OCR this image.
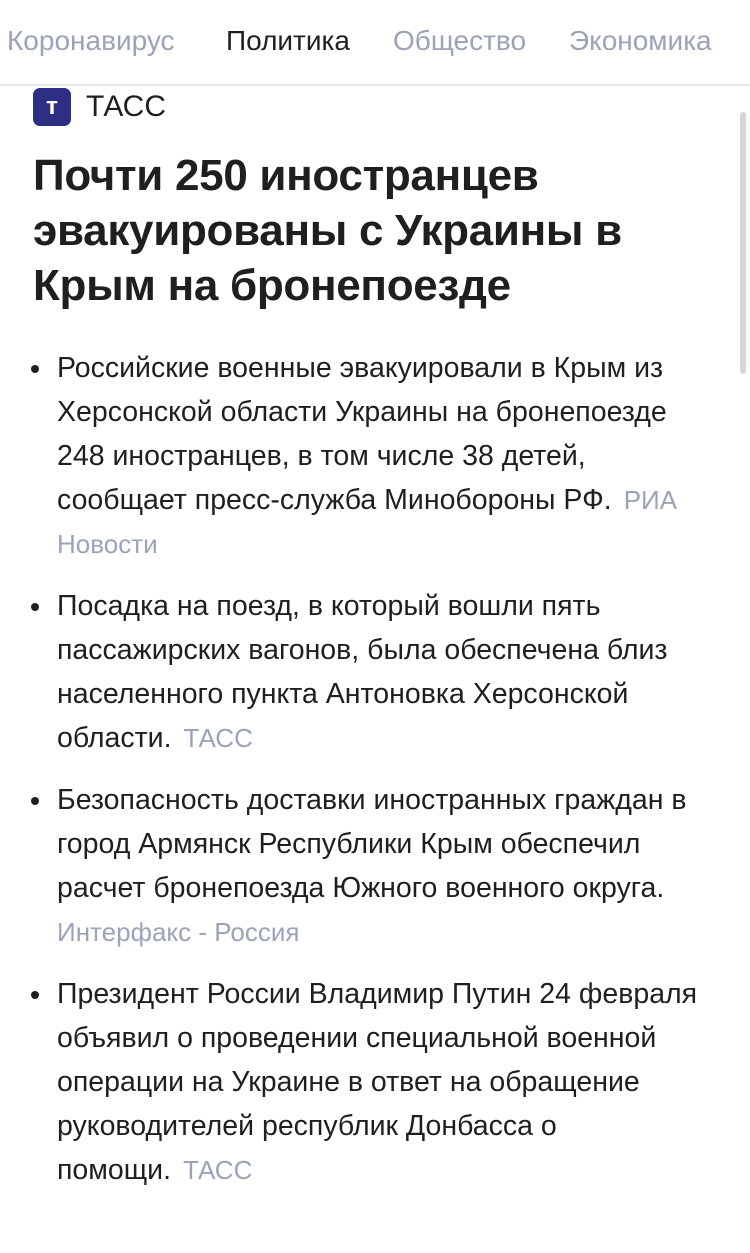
Коронавирус Политика Общество Экономика
т ТАСС
Почти 250 иностранцев эвакуированы с Украины в Крым на бронепоезде
Российские военные эвакуировали в Крым из Херсонской области Украины на бронепоезде 248 иностранцев, в том числе 38 детей, сообщает пресс-служба Минобороны РФ. РИА Новости
Посадка на поезд, в который вошли пять пассажирских вагонов, была обеспечена близ населенного пункта Антоновка Херсонской области. ТАСС
Безопасность доставки иностранных граждан в город Армянск Республики Крым обеспечил расчет бронепоезда Южного военного округа.
Интерфакс - Россия
Президент России Владимир Путин 24 февраля объявил о проведении специальной военной операции на Украине в ответ на обращение руководителей республик Донбасса о помощи. ТАСС
